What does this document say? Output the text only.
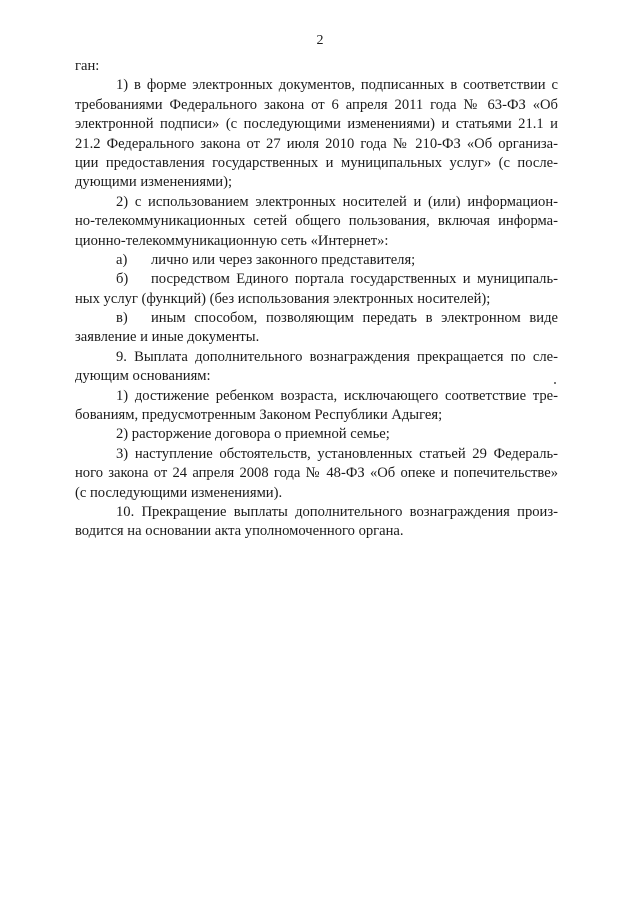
2
ган:
1) в форме электронных документов, подписанных в соответствии с
требованиями Федерального закона от 6 апреля 2011 года № 63-ФЗ «Об
электронной подписи» (с последующими изменениями) и статьями 21.1 и
21.2 Федерального закона от 27 июля 2010 года № 210-ФЗ «Об организа-
ции предоставления государственных и муниципальных услуг» (с после-
дующими изменениями);
2) с использованием электронных носителей и (или) информацион-
но-телекоммуникационных сетей общего пользования, включая информа-
ционно-телекоммуникационную сеть «Интернет»:
а)	лично или через законного представителя;
б)	посредством Единого портала государственных и муниципаль-
ных услуг (функций) (без использования электронных носителей);
в)	иным способом, позволяющим передать в электронном виде
заявление и иные документы.
9. Выплата дополнительного вознаграждения прекращается по сле-
дующим основаниям:
1) достижение ребенком возраста, исключающего соответствие тре-
бованиям, предусмотренным Законом Республики Адыгея;
2) расторжение договора о приемной семье;
3) наступление обстоятельств, установленных статьей 29 Федераль-
ного закона от 24 апреля 2008 года № 48-ФЗ «Об опеке и попечительстве»
(с последующими изменениями).
10. Прекращение выплаты дополнительного вознаграждения произ-
водится на основании акта уполномоченного органа.
